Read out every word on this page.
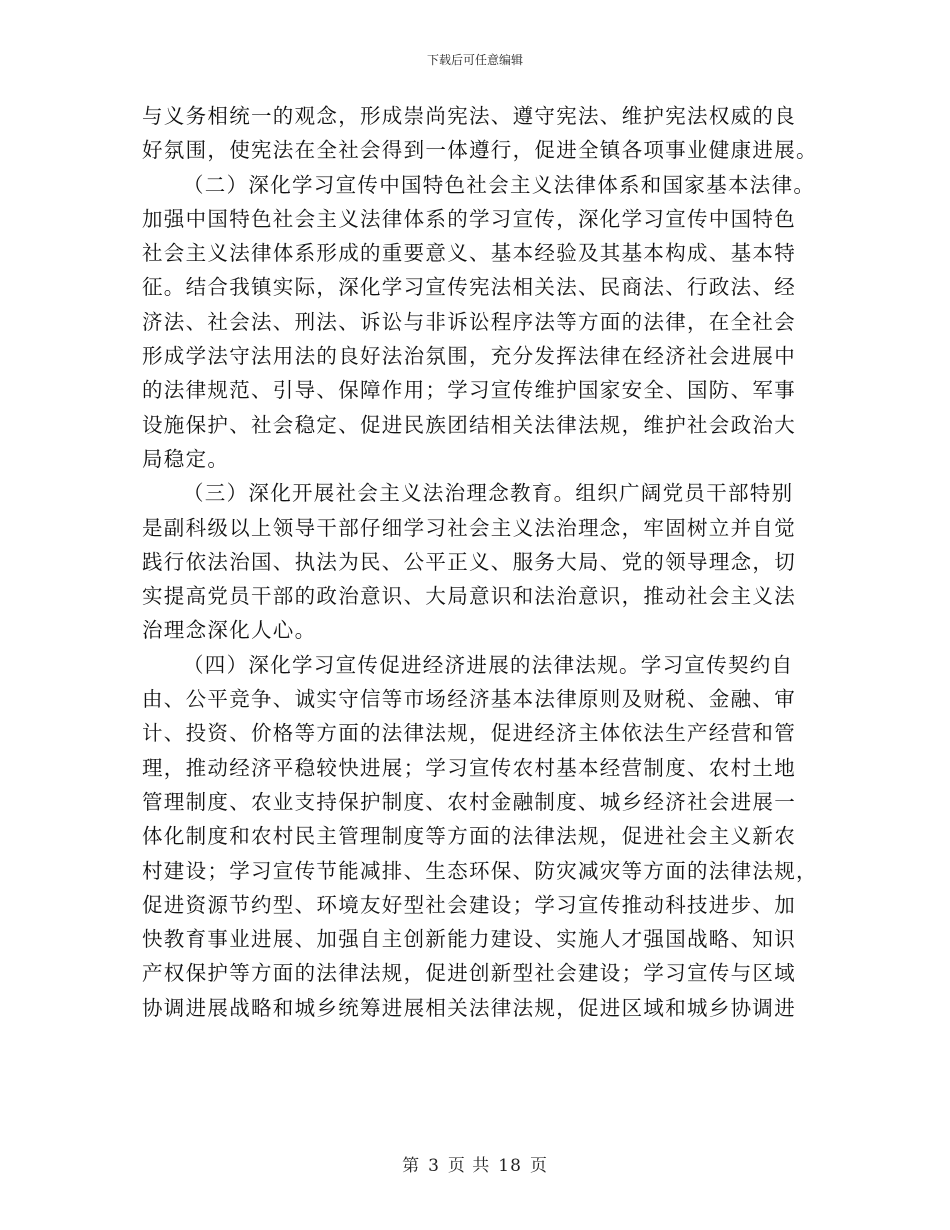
下载后可任意编辑
与义务相统一的观念，形成崇尚宪法、遵守宪法、维护宪法权威的良
好氛围，使宪法在全社会得到一体遵行，促进全镇各项事业健康进展。
（二）深化学习宣传中国特色社会主义法律体系和国家基本法律。
加强中国特色社会主义法律体系的学习宣传，深化学习宣传中国特色
社会主义法律体系形成的重要意义、基本经验及其基本构成、基本特
征。结合我镇实际，深化学习宣传宪法相关法、民商法、行政法、经
济法、社会法、刑法、诉讼与非诉讼程序法等方面的法律，在全社会
形成学法守法用法的良好法治氛围，充分发挥法律在经济社会进展中
的法律规范、引导、保障作用；学习宣传维护国家安全、国防、军事
设施保护、社会稳定、促进民族团结相关法律法规，维护社会政治大
局稳定。
（三）深化开展社会主义法治理念教育。组织广阔党员干部特别
是副科级以上领导干部仔细学习社会主义法治理念，牢固树立并自觉
践行依法治国、执法为民、公平正义、服务大局、党的领导理念，切
实提高党员干部的政治意识、大局意识和法治意识，推动社会主义法
治理念深化人心。
（四）深化学习宣传促进经济进展的法律法规。学习宣传契约自
由、公平竞争、诚实守信等市场经济基本法律原则及财税、金融、审
计、投资、价格等方面的法律法规，促进经济主体依法生产经营和管
理，推动经济平稳较快进展；学习宣传农村基本经营制度、农村土地
管理制度、农业支持保护制度、农村金融制度、城乡经济社会进展一
体化制度和农村民主管理制度等方面的法律法规，促进社会主义新农
村建设；学习宣传节能减排、生态环保、防灾减灾等方面的法律法规，
促进资源节约型、环境友好型社会建设；学习宣传推动科技进步、加
快教育事业进展、加强自主创新能力建设、实施人才强国战略、知识
产权保护等方面的法律法规，促进创新型社会建设；学习宣传与区域
协调进展战略和城乡统筹进展相关法律法规，促进区域和城乡协调进
第 3 页 共 18 页
